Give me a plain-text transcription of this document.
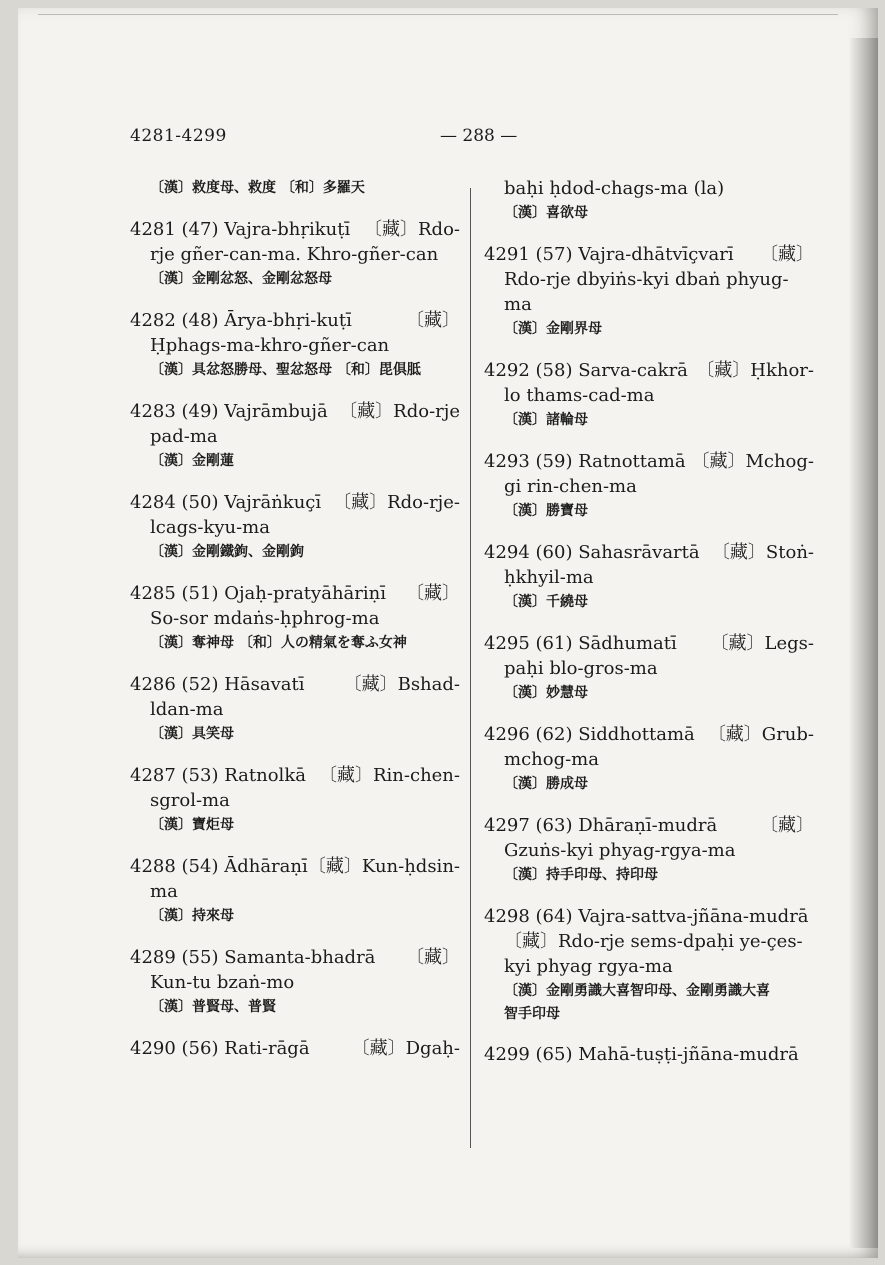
4281-4299	— 288 —
〔漢〕救度母、救度 〔和〕多羅天
4281 (47) Vajra-bhṛikuṭī 〔藏〕Rdo-
rje gñer-can-ma. Khro-gñer-can
〔漢〕金剛忿怒、金剛忿怒母
4282 (48) Ārya-bhṛi-kuṭī	〔藏〕
Ḥphags-ma-khro-gñer-can
〔漢〕具忿怒勝母、聖忿怒母 〔和〕毘俱胝
4283 (49) Vajrāmbujā 〔藏〕Rdo-rje
pad-ma
〔漢〕金剛蓮
4284 (50) Vajrāṅkuçī 〔藏〕Rdo-rje-
lcags-kyu-ma
〔漢〕金剛鐵鉤、金剛鉤
4285 (51) Ojaḥ-pratyāhāriṇī 〔藏〕
So-sor mdaṅs-ḥphrog-ma
〔漢〕奪神母 〔和〕人の精氣を奪ふ女神
4286 (52) Hāsavatī 〔藏〕Bshad-
ldan-ma
〔漢〕具笑母
4287 (53) Ratnolkā 〔藏〕Rin-chen-
sgrol-ma
〔漢〕寶炬母
4288 (54) Ādhāraṇī 〔藏〕Kun-ḥdsin-
ma
〔漢〕持來母
4289 (55) Samanta-bhadrā 〔藏〕
Kun-tu bzaṅ-mo
〔漢〕普賢母、普賢
4290 (56) Rati-rāgā 〔藏〕Dgaḥ-
baḥi ḥdod-chags-ma (la)
〔漢〕喜欲母
4291 (57) Vajra-dhātvīçvarī 〔藏〕
Rdo-rje dbyiṅs-kyi dbaṅ phyug-
ma
〔漢〕金剛界母
4292 (58) Sarva-cakrā 〔藏〕Ḥkhor-
lo thams-cad-ma
〔漢〕諸輪母
4293 (59) Ratnottamā 〔藏〕Mchog-
gi rin-chen-ma
〔漢〕勝寶母
4294 (60) Sahasrāvartā 〔藏〕Stoṅ-
ḥkhyil-ma
〔漢〕千繞母
4295 (61) Sādhumatī 〔藏〕Legs-
paḥi blo-gros-ma
〔漢〕妙慧母
4296 (62) Siddhottamā 〔藏〕Grub-
mchog-ma
〔漢〕勝成母
4297 (63) Dhāraṇī-mudrā 〔藏〕
Gzuṅs-kyi phyag-rgya-ma
〔漢〕持手印母、持印母
4298 (64) Vajra-sattva-jñāna-mudrā
〔藏〕Rdo-rje sems-dpaḥi ye-çes-
kyi phyag rgya-ma
〔漢〕金剛勇識大喜智印母、金剛勇識大喜
智手印母
4299 (65) Mahā-tuṣṭi-jñāna-mudrā
